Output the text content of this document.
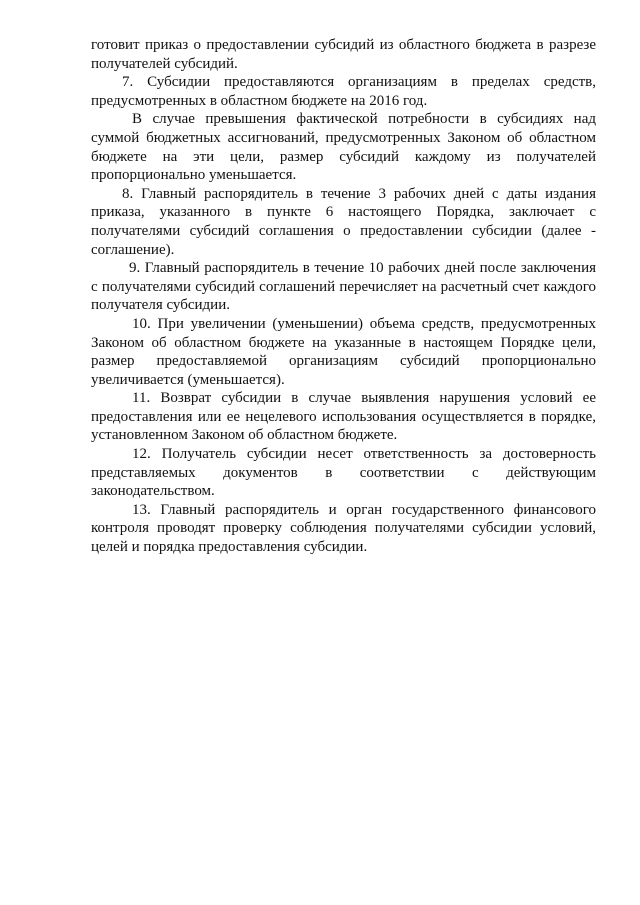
готовит приказ о предоставлении субсидий из областного бюджета в разрезе получателей субсидий.

7. Субсидии предоставляются организациям в пределах средств, предусмотренных в областном бюджете на 2016 год.

В случае превышения фактической потребности в субсидиях над суммой бюджетных ассигнований, предусмотренных Законом об областном бюджете на эти цели, размер субсидий каждому из получателей пропорционально уменьшается.

8. Главный распорядитель в течение 3 рабочих дней с даты издания приказа, указанного в пункте 6 настоящего Порядка, заключает с получателями субсидий соглашения о предоставлении субсидии (далее - соглашение).

9. Главный распорядитель в течение 10 рабочих дней после заключения с получателями субсидий соглашений перечисляет на расчетный счет каждого получателя субсидии.

10. При увеличении (уменьшении) объема средств, предусмотренных Законом об областном бюджете на указанные в настоящем Порядке цели, размер предоставляемой организациям субсидий пропорционально увеличивается (уменьшается).

11. Возврат субсидии в случае выявления нарушения условий ее предоставления или ее нецелевого использования осуществляется в порядке, установленном Законом об областном бюджете.

12. Получатель субсидии несет ответственность за достоверность представляемых документов в соответствии с действующим законодательством.

13. Главный распорядитель и орган государственного финансового контроля проводят проверку соблюдения получателями субсидии условий, целей и порядка предоставления субсидии.
